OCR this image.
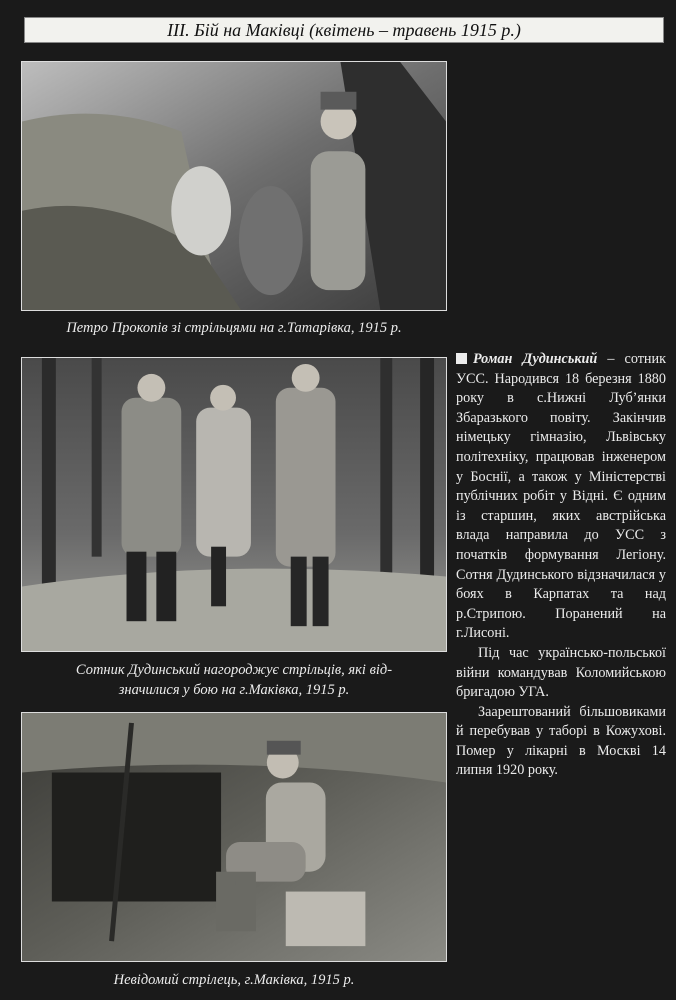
III. Бій на Маківці (квітень – травень 1915 р.)
Петро Прокопів зі стрільцями на г.Татарівка, 1915 р.
Сотник Дудинський нагороджує стрільців, які від-
значилися у бою на г.Маківка, 1915 р.
Невідомий стрілець, г.Маківка, 1915 р.

Роман Дудинський – сотник УСС. Народився 18 березня 1880 року в с.Нижні Луб’янки Збаразького повіту. Закінчив німецьку гімназію, Львівську політехніку, працював інженером у Боснії, а також у Міністерстві публічних робіт у Відні. Є одним із старшин, яких австрійська влада направила до УСС з початків формування Легіону. Сотня Дудинського відзначилася у боях в Карпатах та над р.Стрипою. Поранений на г.Лисоні.

Під час українсько-польської війни командував Коломийською бригадою УГА.

Заарештований більшовиками й перебував у таборі в Кожухові. Помер у лікарні в Москві 14 липня 1920 року.
